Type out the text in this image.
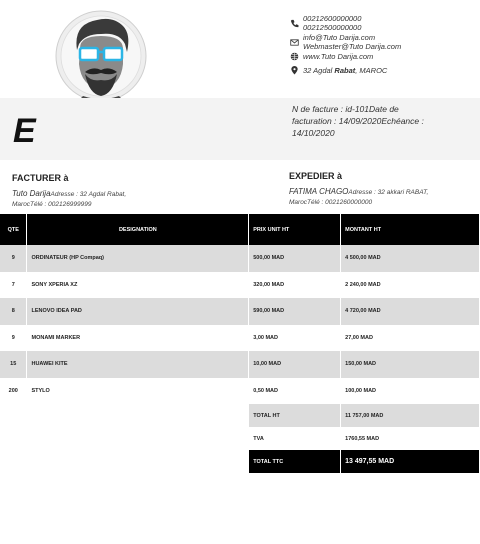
00212600000000
00212500000000
info@Tuto Darija.com
Webmaster@Tuto Darija.com
www.Tuto Darija.com
32 Agdal Rabat, MAROC
E
N de facture : id-101Date de facturation : 14/09/2020Echéance : 14/10/2020
FACTURER à
Tuto DarijaAdresse : 32 Agdal Rabat,
MarocTélé : 002126999999
EXPEDIER à
FATIMA CHAGOAdresse : 32 akkari RABAT,
MarocTélé : 0021260000000
QTE	DESIGNATION	PRIX UNIT HT	MONTANT HT
9	ORDINATEUR (HP Compaq)	500,00 MAD	4 500,00 MAD
7	SONY XPERIA XZ	320,00 MAD	2 240,00 MAD
8	LENOVO IDEA PAD	590,00 MAD	4 720,00 MAD
9	MONAMI MARKER	3,00 MAD	27,00 MAD
15	HUAWEI KITE	10,00 MAD	150,00 MAD
200	STYLO	0,50 MAD	100,00 MAD
		TOTAL HT	11 757,00 MAD
		TVA	1760,55 MAD
		TOTAL TTC	13 497,55 MAD
